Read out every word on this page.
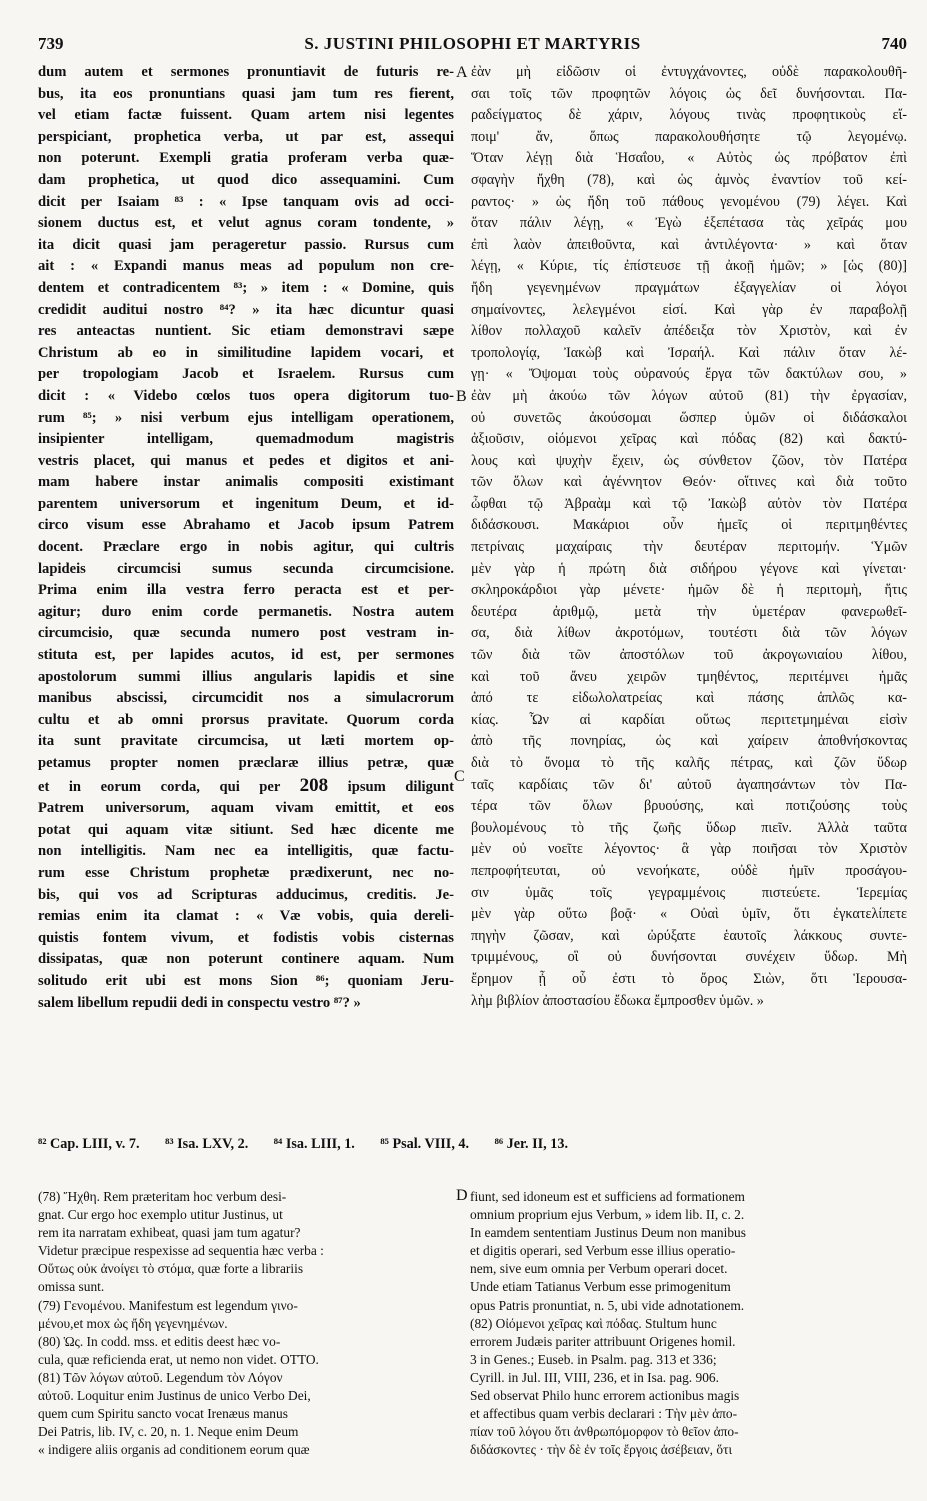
739	S. JUSTINI PHILOSOPHI ET MARTYRIS	740
A
B
C
D

dum autem et sermones pronuntiavit de futuris re-

bus, ita eos pronuntians quasi jam tum res fierent,

vel etiam factæ fuissent. Quam artem nisi legentes

perspiciant, prophetica verba, ut par est, assequi

non poterunt. Exempli gratia proferam verba quæ-

dam prophetica, ut quod dico assequamini. Cum

dicit per Isaiam ⁸³ : « Ipse tanquam ovis ad occi-

sionem ductus est, et velut agnus coram tondente, »

ita dicit quasi jam perageretur passio. Rursus cum

ait : « Expandi manus meas ad populum non cre-

dentem et contradicentem ⁸³; » item : « Domine, quis

credidit auditui nostro ⁸⁴? » ita hæc dicuntur quasi

res anteactas nuntient. Sic etiam demonstravi sæpe

Christum ab eo in similitudine lapidem vocari, et

per tropologiam Jacob et Israelem. Rursus cum

dicit : « Videbo cœlos tuos opera digitorum tuo-

rum ⁸⁵; » nisi verbum ejus intelligam operationem,

insipienter intelligam, quemadmodum magistris

vestris placet, qui manus et pedes et digitos et ani-

mam habere instar animalis compositi existimant

parentem universorum et ingenitum Deum, et id-

circo visum esse Abrahamo et Jacob ipsum Patrem

docent. Præclare ergo in nobis agitur, qui cultris

lapideis circumcisi sumus secunda circumcisione.

Prima enim illa vestra ferro peracta est et per-

agitur; duro enim corde permanetis. Nostra autem

circumcisio, quæ secunda numero post vestram in-

stituta est, per lapides acutos, id est, per sermones

apostolorum summi illius angularis lapidis et sine

manibus abscissi, circumcidit nos a simulacrorum

cultu et ab omni prorsus pravitate. Quorum corda

ita sunt pravitate circumcisa, ut læti mortem op-

petamus propter nomen præclaræ illius petræ, quæ

et in eorum corda, qui per 208 ipsum diligunt

Patrem universorum, aquam vivam emittit, et eos

potat qui aquam vitæ sitiunt. Sed hæc dicente me

non intelligitis. Nam nec ea intelligitis, quæ factu-

rum esse Christum prophetæ prædixerunt, nec no-

bis, qui vos ad Scripturas adducimus, creditis. Je-

remias enim ita clamat : « Væ vobis, quia dereli-

quistis fontem vivum, et fodistis vobis cisternas

dissipatas, quæ non poterunt continere aquam. Num

solitudo erit ubi est mons Sion ⁸⁶; quoniam Jeru-

salem libellum repudii dedi in conspectu vestro ⁸⁷? »

ἐὰν μὴ εἰδῶσιν οἱ ἐντυγχάνοντες, οὐδὲ παρακολουθῆ-

σαι τοῖς τῶν προφητῶν λόγοις ὡς δεῖ δυνήσονται. Πα-

ραδείγματος δὲ χάριν, λόγους τινὰς προφητικοὺς εἴ-

ποιμ' ἄν, ὅπως παρακολουθήσητε τῷ λεγομένῳ.

Ὅταν λέγῃ διὰ Ἡσαΐου, « Αὐτὸς ὡς πρόβατον ἐπὶ

σφαγὴν ἤχθη (78), καὶ ὡς ἀμνὸς ἐναντίον τοῦ κεί-

ραντος· » ὡς ἤδη τοῦ πάθους γενομένου (79) λέγει. Καὶ

ὅταν πάλιν λέγῃ, « Ἐγὼ ἐξεπέτασα τὰς χεῖράς μου

ἐπὶ λαὸν ἀπειθοῦντα, καὶ ἀντιλέγοντα· » καὶ ὅταν

λέγῃ, « Κύριε, τίς ἐπίστευσε τῇ ἀκοῇ ἡμῶν; » [ὡς (80)]

ἤδη γεγενημένων πραγμάτων ἐξαγγελίαν οἱ λόγοι

σημαίνοντες, λελεγμένοι εἰσί. Καὶ γὰρ ἐν παραβολῇ

λίθον πολλαχοῦ καλεῖν ἀπέδειξα τὸν Χριστὸν, καὶ ἐν

τροπολογίᾳ, Ἰακὼβ καὶ Ἰσραήλ. Καὶ πάλιν ὅταν λέ-

γῃ· « Ὄψομαι τοὺς οὐρανούς ἔργα τῶν δακτύλων σου, »

ἐὰν μὴ ἀκούω τῶν λόγων αὐτοῦ (81) τὴν ἐργασίαν,

οὐ συνετῶς ἀκούσομαι ὥσπερ ὑμῶν οἱ διδάσκαλοι

ἀξιοῦσιν, οἰόμενοι χεῖρας καὶ πόδας (82) καὶ δακτύ-

λους καὶ ψυχὴν ἔχειν, ὡς σύνθετον ζῶον, τὸν Πατέρα

τῶν ὅλων καὶ ἀγέννητον Θεόν· οἵτινες καὶ διὰ τοῦτο

ὦφθαι τῷ Ἀβραὰμ καὶ τῷ Ἰακὼβ αὐτὸν τὸν Πατέρα

διδάσκουσι. Μακάριοι οὖν ἡμεῖς οἱ περιτμηθέντες

πετρίναις μαχαίραις τὴν δευτέραν περιτομήν. Ὑμῶν

μὲν γὰρ ἡ πρώτη διὰ σιδήρου γέγονε καὶ γίνεται·

σκληροκάρδιοι γὰρ μένετε· ἡμῶν δὲ ἡ περιτομὴ, ἥτις

δευτέρα ἀριθμῷ, μετὰ τὴν ὑμετέραν φανερωθεῖ-

σα, διὰ λίθων ἀκροτόμων, τουτέστι διὰ τῶν λόγων

τῶν διὰ τῶν ἀποστόλων τοῦ ἀκρογωνιαίου λίθου,

καὶ τοῦ ἄνευ χειρῶν τμηθέντος, περιτέμνει ἡμᾶς

ἀπό τε εἰδωλολατρείας καὶ πάσης ἁπλῶς κα-

κίας. Ὧν αἱ καρδίαι οὕτως περιτετμημέναι εἰσὶν

ἀπὸ τῆς πονηρίας, ὡς καὶ χαίρειν ἀποθνήσκοντας

διὰ τὸ ὄνομα τὸ τῆς καλῆς πέτρας, καὶ ζῶν ὕδωρ

ταῖς καρδίαις τῶν δι' αὐτοῦ ἀγαπησάντων τὸν Πα-

τέρα τῶν ὅλων βρυούσης, καὶ ποτιζούσης τοὺς

βουλομένους τὸ τῆς ζωῆς ὕδωρ πιεῖν. Ἀλλὰ ταῦτα

μὲν οὐ νοεῖτε λέγοντος· ἃ γὰρ ποιῆσαι τὸν Χριστὸν

πεπροφήτευται, οὐ νενοήκατε, οὐδὲ ἡμῖν προσάγου-

σιν ὑμᾶς τοῖς γεγραμμένοις πιστεύετε. Ἱερεμίας

μὲν γὰρ οὕτω βοᾷ· « Οὐαὶ ὑμῖν, ὅτι ἐγκατελίπετε

πηγὴν ζῶσαν, καὶ ὠρύξατε ἑαυτοῖς λάκκους συντε-

τριμμένους, οἳ οὐ δυνήσονται συνέχειν ὕδωρ. Μὴ

ἔρημον ᾖ οὗ ἐστι τὸ ὄρος Σιὼν, ὅτι Ἱερουσα-

λὴμ βιβλίον ἀποστασίου ἔδωκα ἔμπροσθεν ὑμῶν. »

⁸² Cap. LIII, v. 7. ⁸³ Isa. LXV, 2. ⁸⁴ Isa. LIII, 1. ⁸⁵ Psal. VIII, 4. ⁸⁶ Jer. II, 13.

(78) Ἤχθη. Rem præteritam hoc verbum desi-

gnat. Cur ergo hoc exemplo utitur Justinus, ut

rem ita narratam exhibeat, quasi jam tum agatur?

Videtur præcipue respexisse ad sequentia hæc verba :

Οὕτως οὐκ ἀνοίγει τὸ στόμα, quæ forte a librariis

omissa sunt.

(79) Γενομένου. Manifestum est legendum γινο-

μένου,et mox ὡς ἤδη γεγενημένων.

(80) Ὡς. In codd. mss. et editis deest hæc vo-

cula, quæ reficienda erat, ut nemo non videt. OTTO.

(81) Τῶν λόγων αὐτοῦ. Legendum τὸν Λόγον

αὐτοῦ. Loquitur enim Justinus de unico Verbo Dei,

quem cum Spiritu sancto vocat Irenæus manus

Dei Patris, lib. IV, c. 20, n. 1. Neque enim Deum

« indigere aliis organis ad conditionem eorum quæ

fiunt, sed idoneum est et sufficiens ad formationem

omnium proprium ejus Verbum, » idem lib. II, c. 2.

In eamdem sententiam Justinus Deum non manibus

et digitis operari, sed Verbum esse illius operatio-

nem, sive eum omnia per Verbum operari docet.

Unde etiam Tatianus Verbum esse primogenitum

opus Patris pronuntiat, n. 5, ubi vide adnotationem.

(82) Οἰόμενοι χεῖρας καὶ πόδας. Stultum hunc

errorem Judæis pariter attribuunt Origenes homil.

3 in Genes.; Euseb. in Psalm. pag. 313 et 336;

Cyrill. in Jul. III, VIII, 236, et in Isa. pag. 906.

Sed observat Philo hunc errorem actionibus magis

et affectibus quam verbis declarari : Τὴν μὲν ἀπο-

πίαν τοῦ λόγου ὅτι ἀνθρωπόμορφον τὸ θεῖον ἀπο-

διδάσκοντες · τὴν δὲ ἐν τοῖς ἔργοις ἀσέβειαν, ὅτι
